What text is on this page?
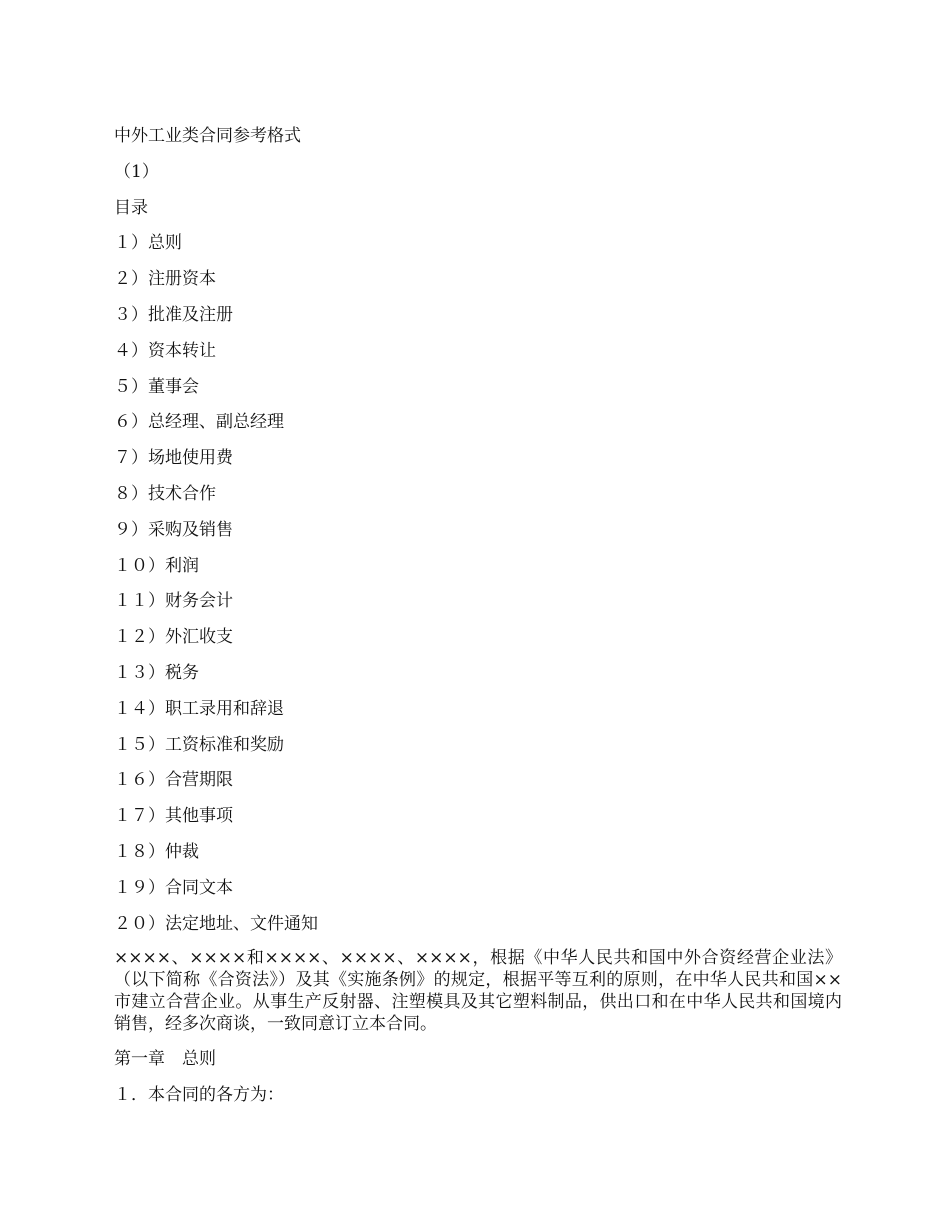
中外工业类合同参考格式
（1）
目录
１）总则
２）注册资本
３）批准及注册
４）资本转让
５）董事会
６）总经理、副总经理
７）场地使用费
８）技术合作
９）采购及销售
１０）利润
１１）财务会计
１２）外汇收支
１３）税务
１４）职工录用和辞退
１５）工资标准和奖励
１６）合营期限
１７）其他事项
１８）仲裁
１９）合同文本
２０）法定地址、文件通知

××××、××××和××××、××××、××××，根据《中华人民共和国中外合资经营企业法》（以下简称《合资法》）及其《实施条例》的规定，根据平等互利的原则，在中华人民共和国××市建立合营企业。从事生产反射器、注塑模具及其它塑料制品，供出口和在中华人民共和国境内销售，经多次商谈，一致同意订立本合同。

第一章　总则
１．本合同的各方为：
